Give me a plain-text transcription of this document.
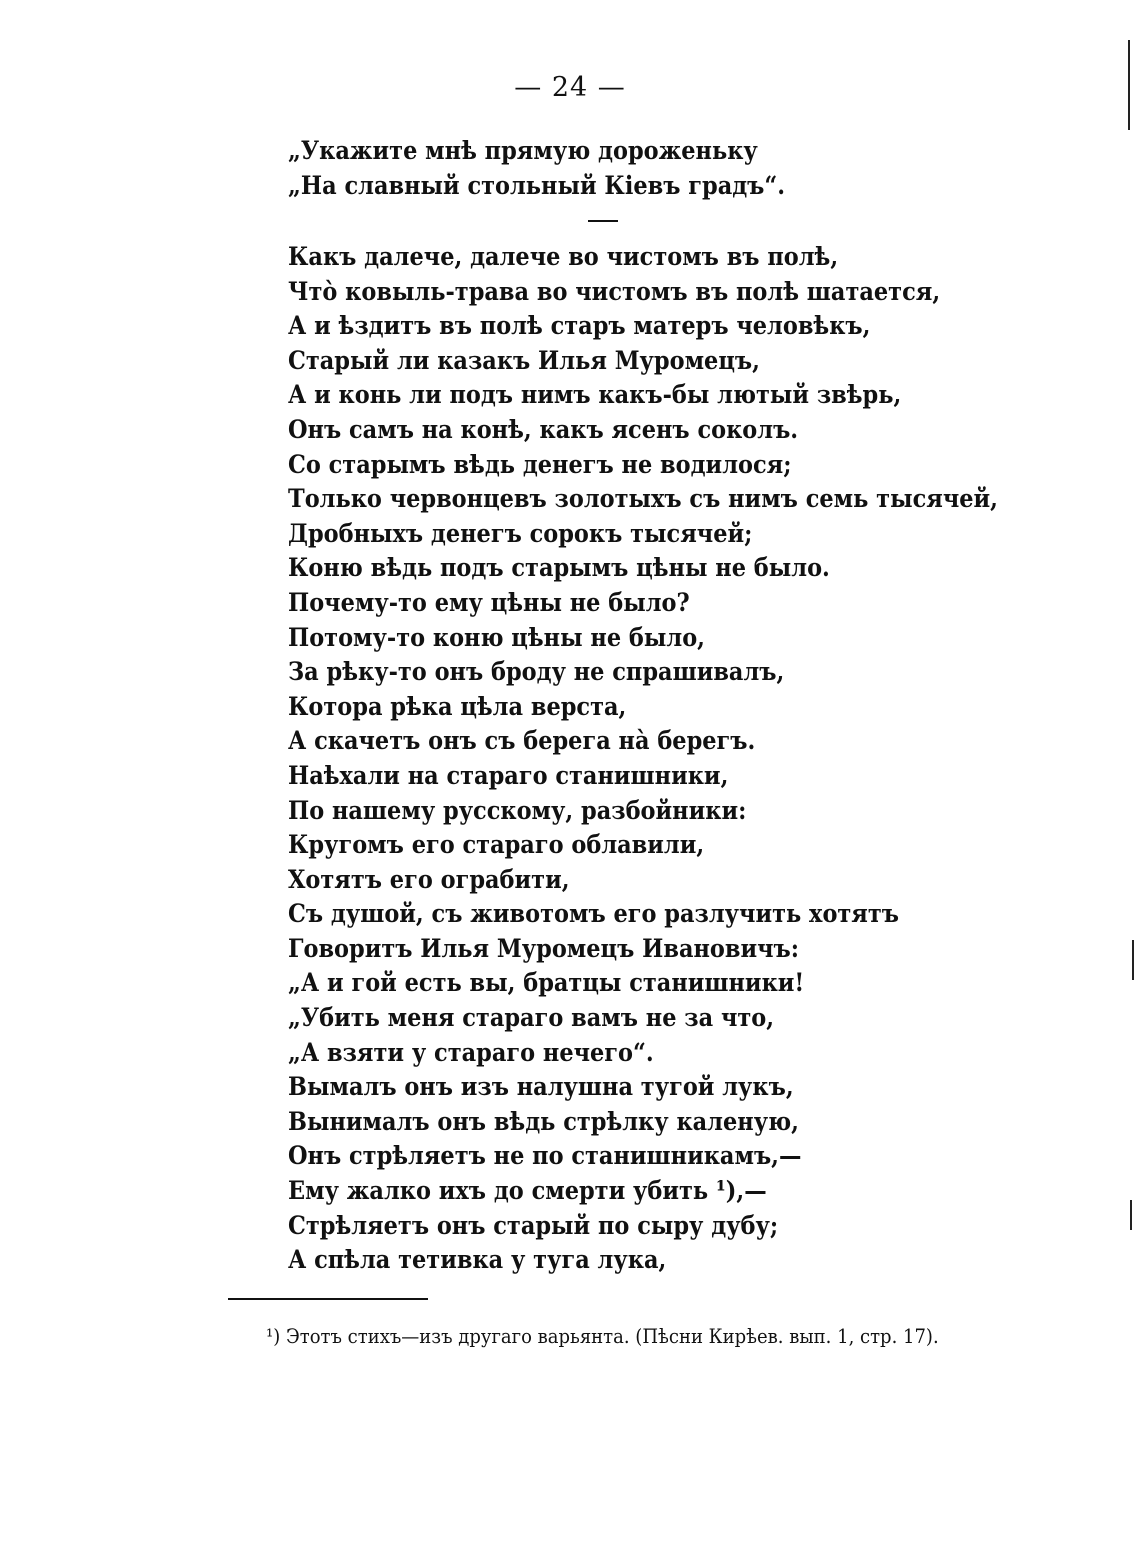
— 24 —
„Укажите мнѣ прямую дороженьку
„На славный стольный Кіевъ градъ“.
Какъ далече, далече во чистомъ въ полѣ,
Что̀ ковыль-трава во чистомъ въ полѣ шатается,
А и ѣздитъ въ полѣ старъ матеръ человѣкъ,
Старый ли казакъ Илья Муромецъ,
А и конь ли подъ нимъ какъ-бы лютый звѣрь,
Онъ самъ на конѣ, какъ ясенъ соколъ.
Со старымъ вѣдь денегъ не водилося;
Только червонцевъ золотыхъ съ нимъ семь тысячей,
Дробныхъ денегъ сорокъ тысячей;
Коню вѣдь подъ старымъ цѣны не было.
Почему-то ему цѣны не было?
Потому-то коню цѣны не было,
За рѣку-то онъ броду не спрашивалъ,
Котора рѣка цѣла верста,
А скачетъ онъ съ берега на̀ берегъ.
Наѣхали на стараго станишники,
По нашему русскому, разбойники:
Кругомъ его стараго облавили,
Хотятъ его ограбити,
Съ душой, съ животомъ его разлучить хотятъ
Говоритъ Илья Муромецъ Ивановичъ:
„А и гой есть вы, братцы станишники!
„Убить меня стараго вамъ не за что,
„А взяти у стараго нечего“.
Вымалъ онъ изъ налушна тугой лукъ,
Вынималъ онъ вѣдь стрѣлку каленую,
Онъ стрѣляетъ не по станишникамъ,—
Ему жалко ихъ до смерти убить ¹),—
Стрѣляетъ онъ старый по сыру дубу;
А спѣла тетивка у туга лука,
¹) Этотъ стихъ—изъ другаго варьянта. (Пѣсни Кирѣев. вып. 1, стр. 17).
